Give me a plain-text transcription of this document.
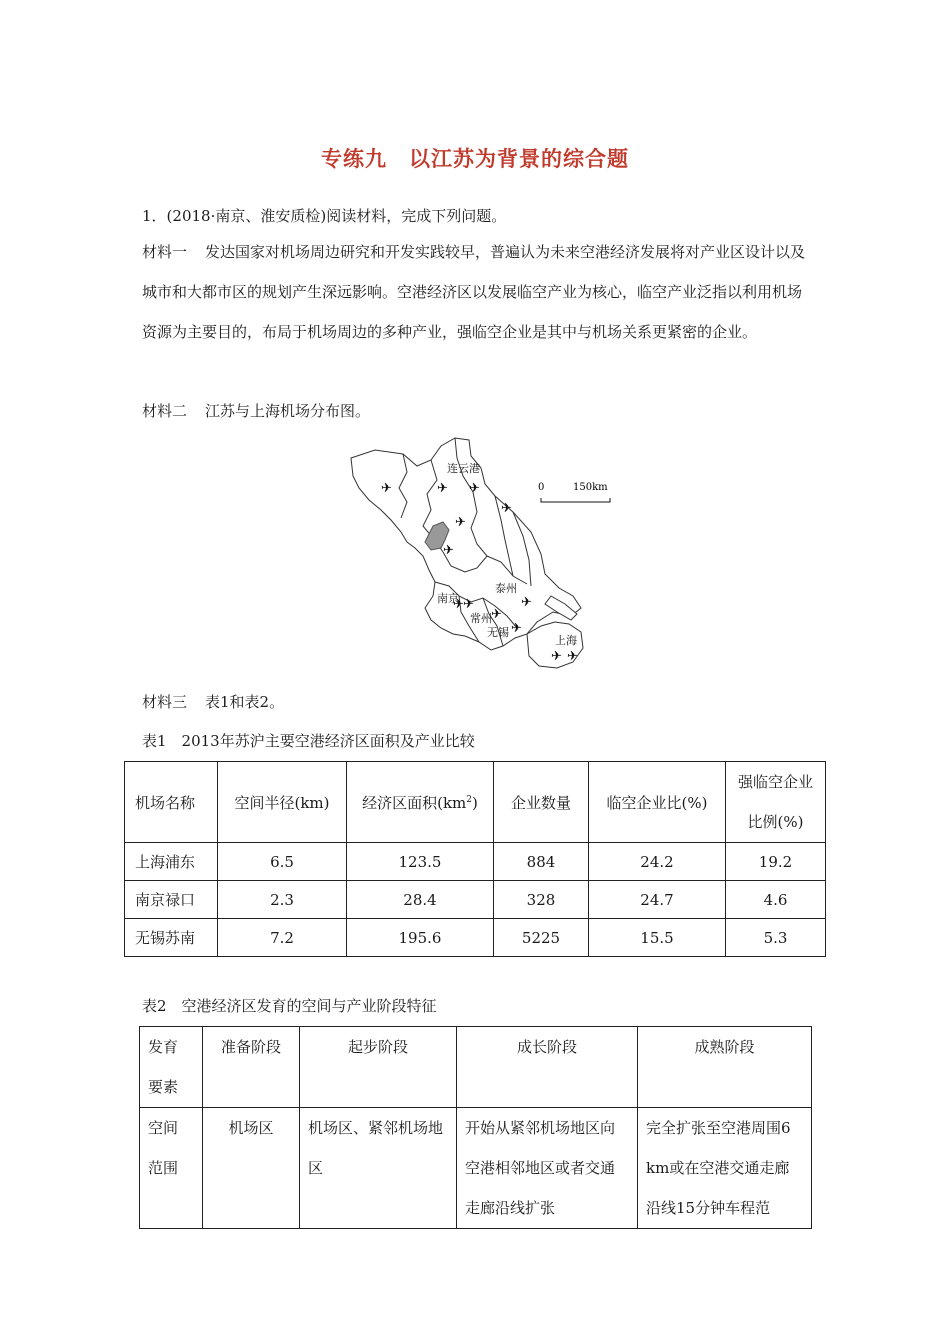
专练九 以江苏为背景的综合题
1．(2018·南京、淮安质检)阅读材料，完成下列问题。
材料一 发达国家对机场周边研究和开发实践较早，普遍认为未来空港经济发展将对产业区设计以及城市和大都市区的规划产生深远影响。空港经济区以发展临空产业为核心，临空产业泛指以利用机场资源为主要目的，布局于机场周边的多种产业，强临空企业是其中与机场关系更紧密的企业。
材料二 江苏与上海机场分布图。
✈	✈ ✈
✈
✈
✈
✈
✈
✈
✈
✈
✈ ✈
连云港
泰州
南京
常州
无锡
上海
0	150km
材料三 表1和表2。
表1　2013年苏沪主要空港经济区面积及产业比较
机场名称	空间半径(km)	经济区面积$(km^2)$	企业数量	临空企业比(%)	强临空企业
比例(%)
上海浦东	6.5	123.5	884	24.2	19.2
南京禄口	2.3	28.4	328	24.7	4.6
无锡苏南	7.2	195.6	5225	15.5	5.3
表2　空港经济区发育的空间与产业阶段特征
发育
要素	准备阶段	起步阶段	成长阶段	成熟阶段
空间
范围	机场区	机场区、紧邻机场地区	开始从紧邻机场地区向空港相邻地区或者交通走廊沿线扩张	完全扩张至空港周围6 km或在空港交通走廊沿线15分钟车程范
